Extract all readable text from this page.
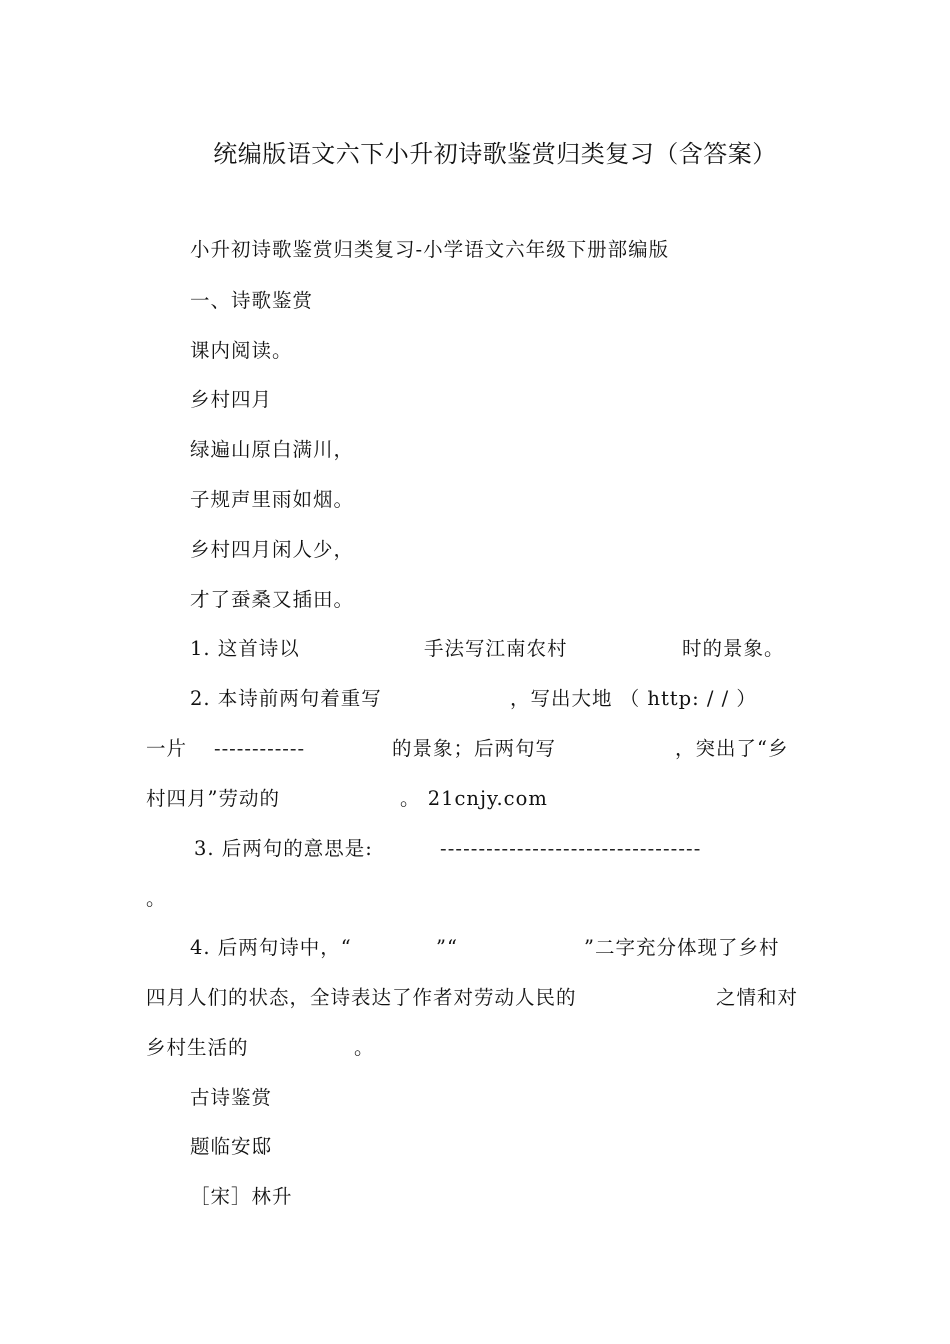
统编版语文六下小升初诗歌鉴赏归类复习（含答案）
小升初诗歌鉴赏归类复习-小学语文六年级下册部编版
一、诗歌鉴赏
课内阅读。
乡村四月
绿遍山原白满川，
子规声里雨如烟。
乡村四月闲人少，
才了蚕桑又插田。
1. 这首诗以	手法写江南农村	时的景象。
2. 本诗前两句着重写	，写出大地 （ http: / / ）
一片 ------------	的景象；后两句写	，突出了“乡
村四月”劳动的	。 21cnjy.com
3. 后两句的意思是:	----------------------------------
。
4. 后两句诗中，“	”“	”二字充分体现了乡村
四月人们的状态，全诗表达了作者对劳动人民的	之情和对
乡村生活的	。
古诗鉴赏
题临安邸
［宋］林升
